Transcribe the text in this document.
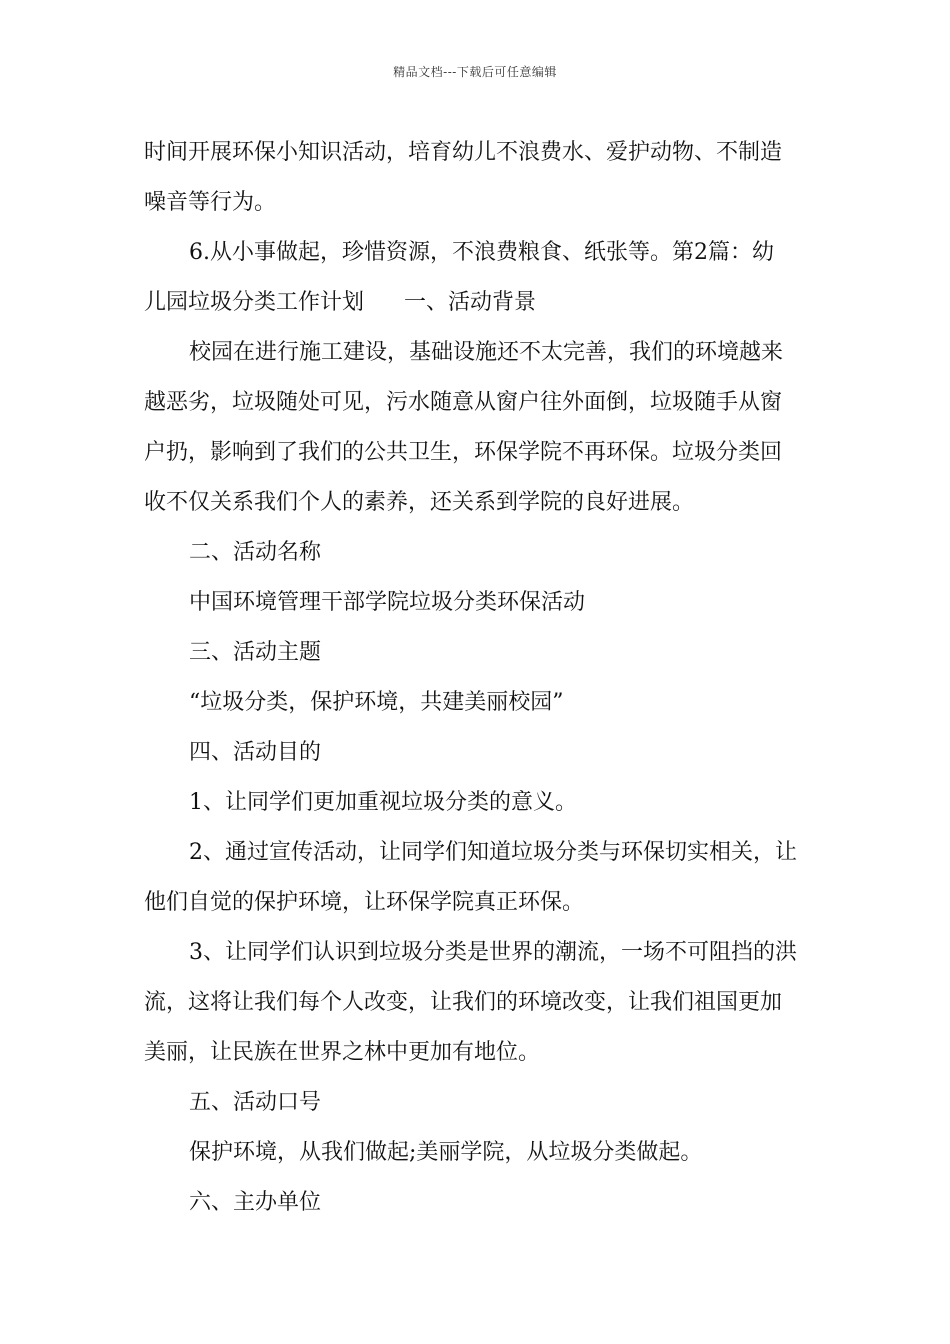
精品文档---下载后可任意编辑
时间开展环保小知识活动，培育幼儿不浪费水、爱护动物、不制造
噪音等行为。
6.从小事做起，珍惜资源，不浪费粮食、纸张等。第2篇：幼
儿园垃圾分类工作计划 一、活动背景
校园在进行施工建设，基础设施还不太完善，我们的环境越来
越恶劣，垃圾随处可见，污水随意从窗户往外面倒，垃圾随手从窗
户扔，影响到了我们的公共卫生，环保学院不再环保。垃圾分类回
收不仅关系我们个人的素养，还关系到学院的良好进展。
二、活动名称
中国环境管理干部学院垃圾分类环保活动
三、活动主题
“垃圾分类，保护环境，共建美丽校园”
四、活动目的
1、让同学们更加重视垃圾分类的意义。
2、通过宣传活动，让同学们知道垃圾分类与环保切实相关，让
他们自觉的保护环境，让环保学院真正环保。
3、让同学们认识到垃圾分类是世界的潮流，一场不可阻挡的洪
流，这将让我们每个人改变，让我们的环境改变，让我们祖国更加
美丽，让民族在世界之林中更加有地位。
五、活动口号
保护环境，从我们做起;美丽学院，从垃圾分类做起。
六、主办单位
